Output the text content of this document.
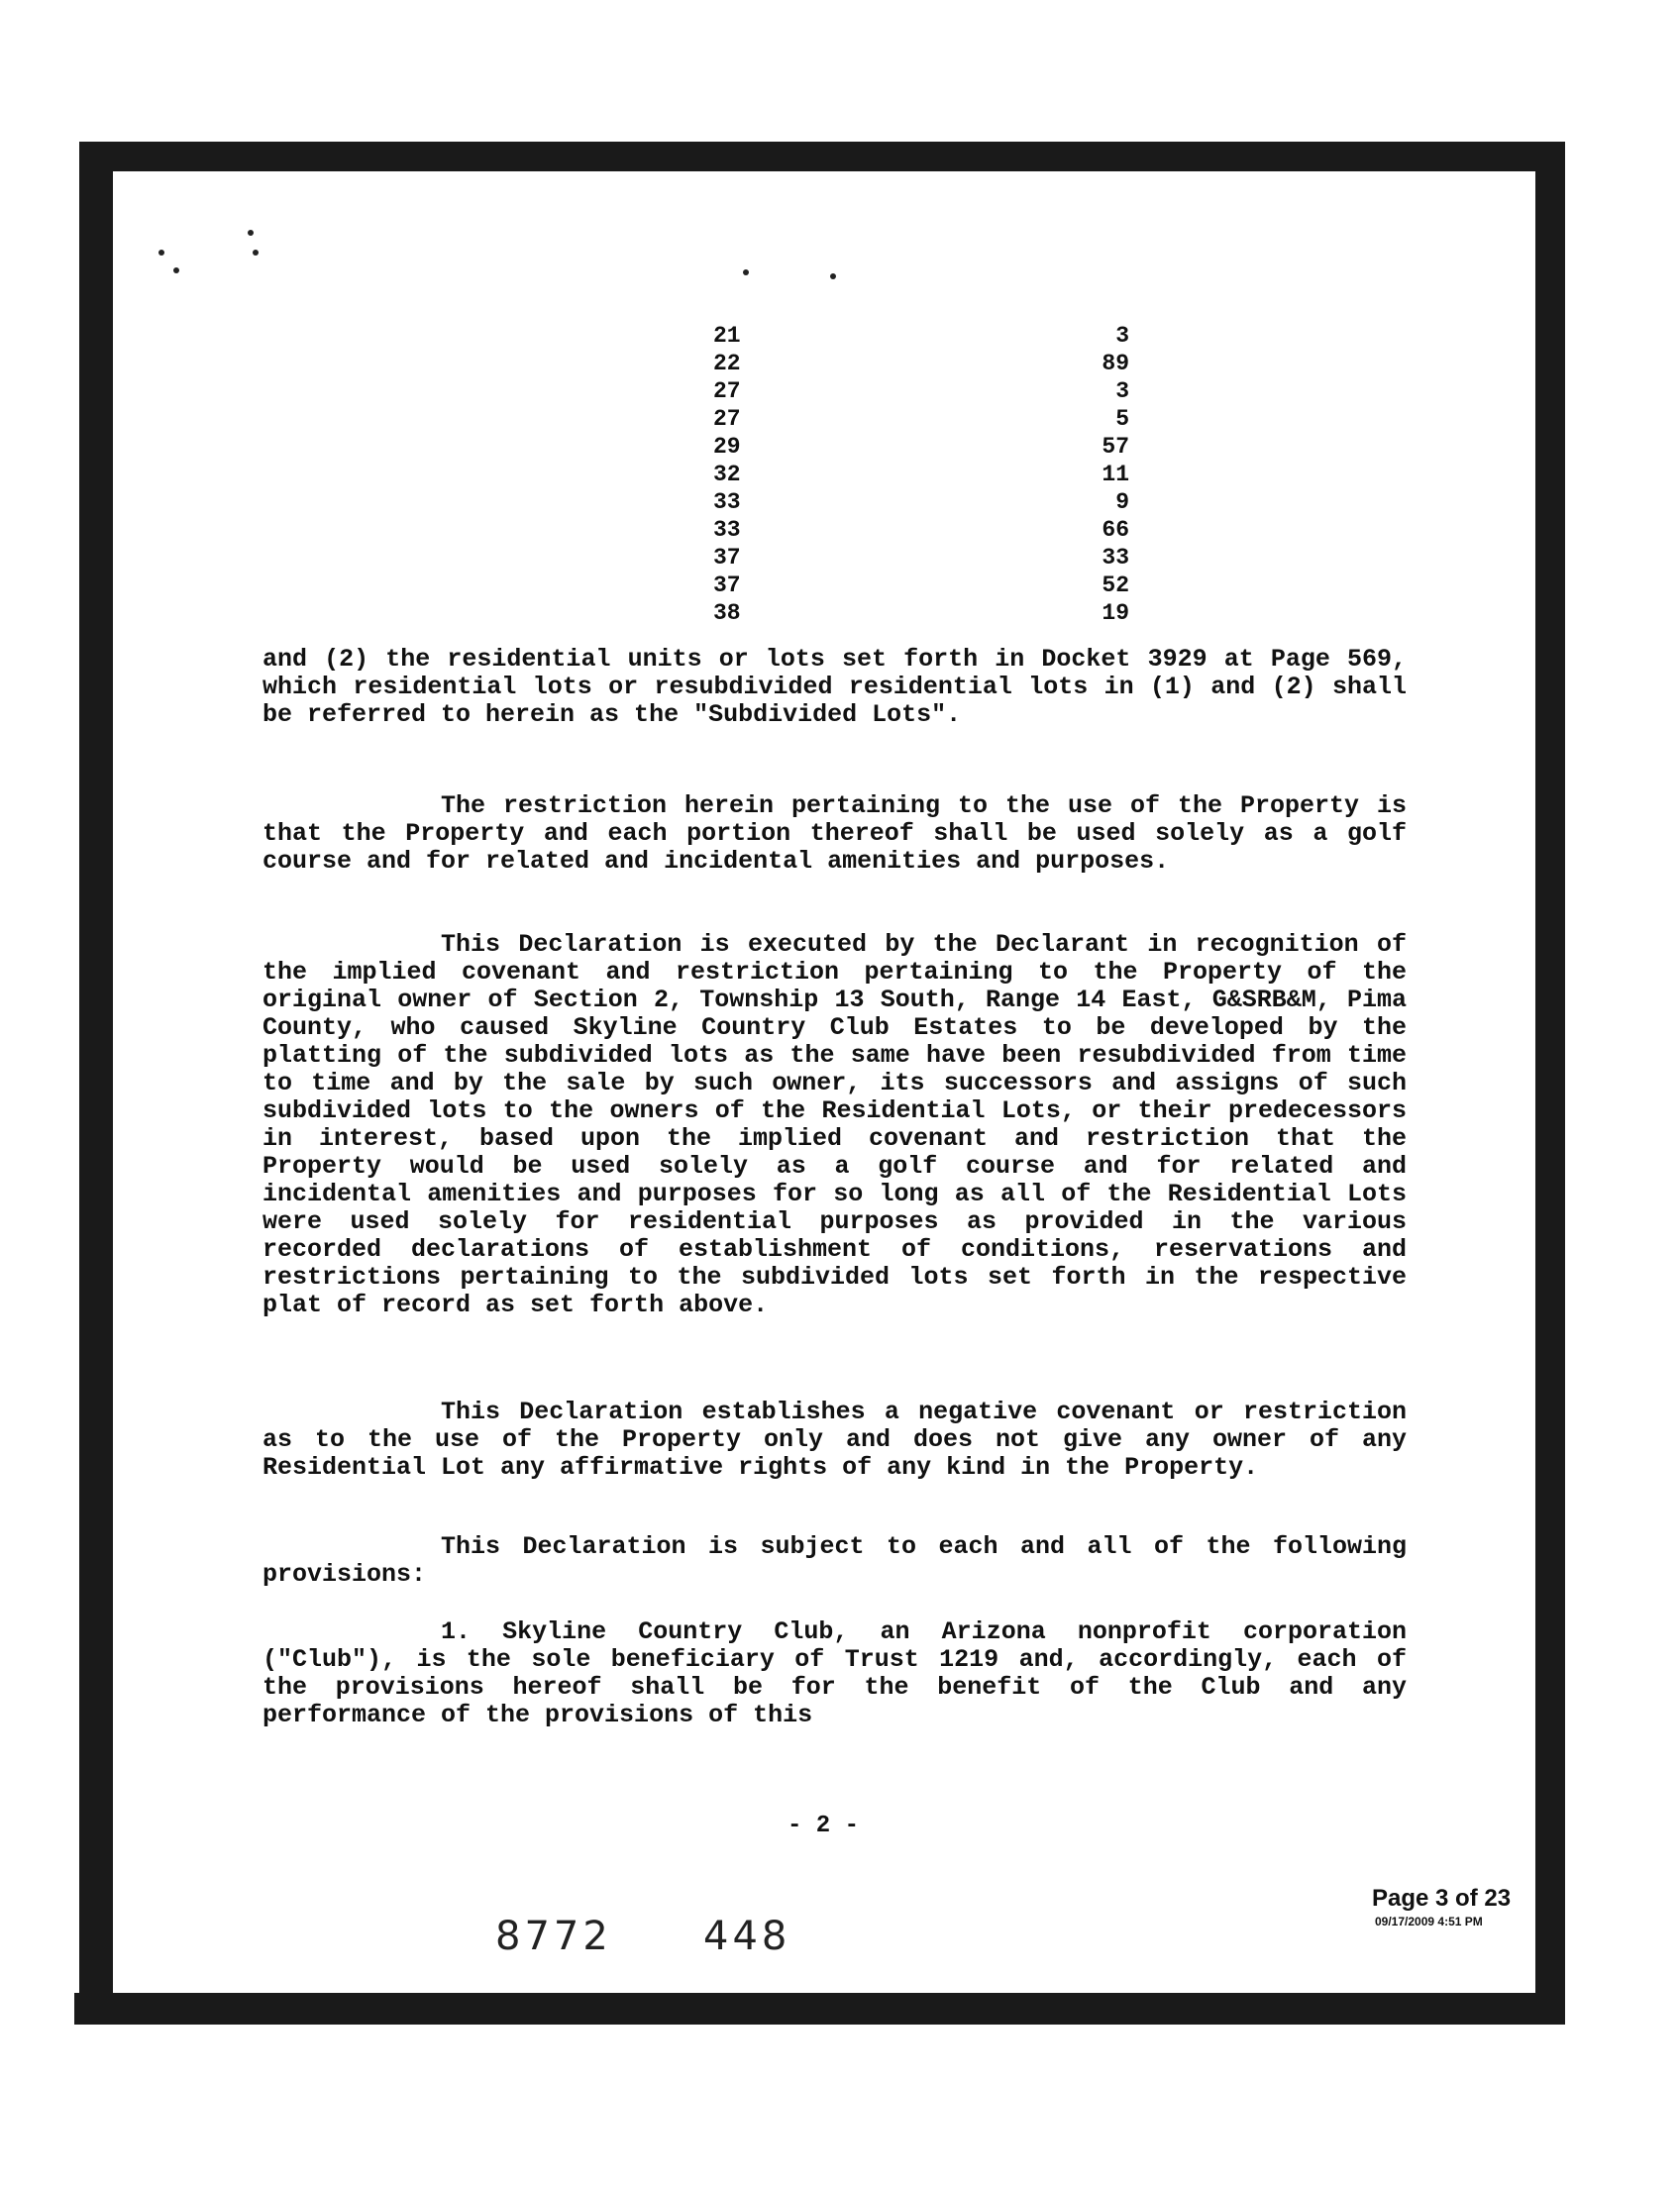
21	3
22	89
27	3
27	5
29	57
32	11
33	9
33	66
37	33
37	52
38	19

and (2) the residential units or lots set forth in Docket 3929 at Page 569, which residential lots or resubdivided residential lots in (1) and (2) shall be referred to herein as the "Subdivided Lots".

The restriction herein pertaining to the use of the Property is that the Property and each portion thereof shall be used solely as a golf course and for related and incidental amenities and purposes.

This Declaration is executed by the Declarant in recognition of the implied covenant and restriction pertaining to the Property of the original owner of Section 2, Township 13 South, Range 14 East, G&SRB&M, Pima County, who caused Skyline Country Club Estates to be developed by the platting of the subdivided lots as the same have been resubdivided from time to time and by the sale by such owner, its successors and assigns of such subdivided lots to the owners of the Residential Lots, or their predecessors in interest, based upon the implied covenant and restriction that the Property would be used solely as a golf course and for related and incidental amenities and purposes for so long as all of the Residential Lots were used solely for residential purposes as provided in the various recorded declarations of establishment of conditions, reservations and restrictions pertaining to the subdivided lots set forth in the respective plat of record as set forth above.

This Declaration establishes a negative covenant or restriction as to the use of the Property only and does not give any owner of any Residential Lot any affirmative rights of any kind in the Property.

This Declaration is subject to each and all of the following provisions:

1. Skyline Country Club, an Arizona nonprofit corporation ("Club"), is the sole beneficiary of Trust 1219 and, accordingly, each of the provisions hereof shall be for the benefit of the Club and any performance of the provisions of this

- 2 -
8772 448
Page 3 of 23
09/17/2009 4:51 PM
